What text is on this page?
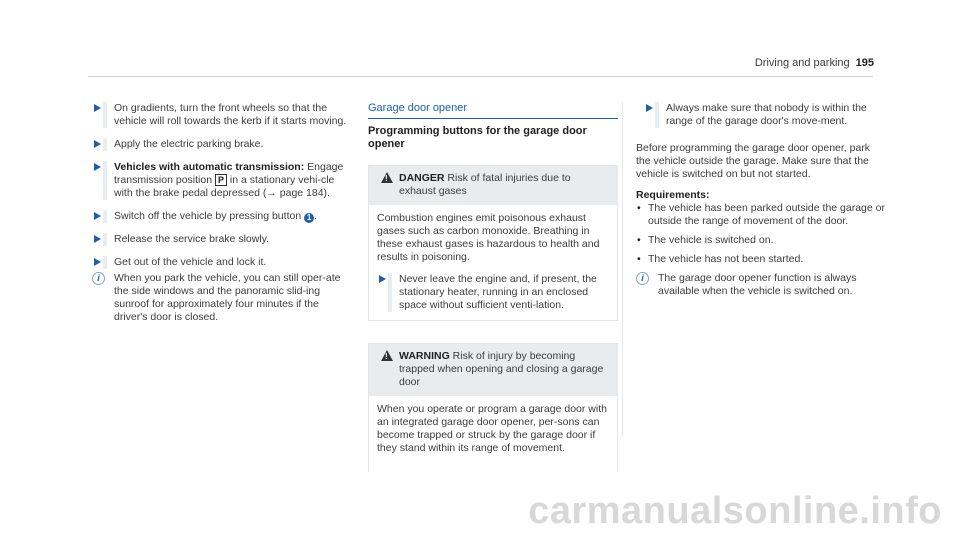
Driving and parking 195
On gradients, turn the front wheels so that the vehicle will roll towards the kerb if it starts moving.
Apply the electric parking brake.
Vehicles with automatic transmission: Engage transmission position P in a stationary vehi-cle with the brake pedal depressed (→ page 184).
Switch off the vehicle by pressing button 1 .
Release the service brake slowly.
Get out of the vehicle and lock it.
i	When you park the vehicle, you can still oper-ate the side windows and the panoramic slid-ing sunroof for approximately four minutes if the driver's door is closed.
Garage door opener
Programming buttons for the garage door opener
!
DANGER Risk of fatal injuries due to exhaust gases

Combustion engines emit poisonous exhaust gases such as carbon monoxide. Breathing in these exhaust gases is hazardous to health and results in poisoning.

Never leave the engine and, if present, the stationary heater, running in an enclosed space without sufficient venti-lation.
!
WARNING Risk of injury by becoming trapped when opening and closing a garage door

When you operate or program a garage door with an integrated garage door opener, per-sons can become trapped or struck by the garage door if they stand within its range of movement.

Always make sure that nobody is within the range of the garage door's move-ment.

Before programming the garage door opener, park the vehicle outside the garage. Make sure that the vehicle is switched on but not started.

Requirements:
• The vehicle has been parked outside the garage or outside the range of movement of the door.
• The vehicle is switched on.
• The vehicle has not been started.
i	The garage door opener function is always available when the vehicle is switched on.
carmanualsonline.info
